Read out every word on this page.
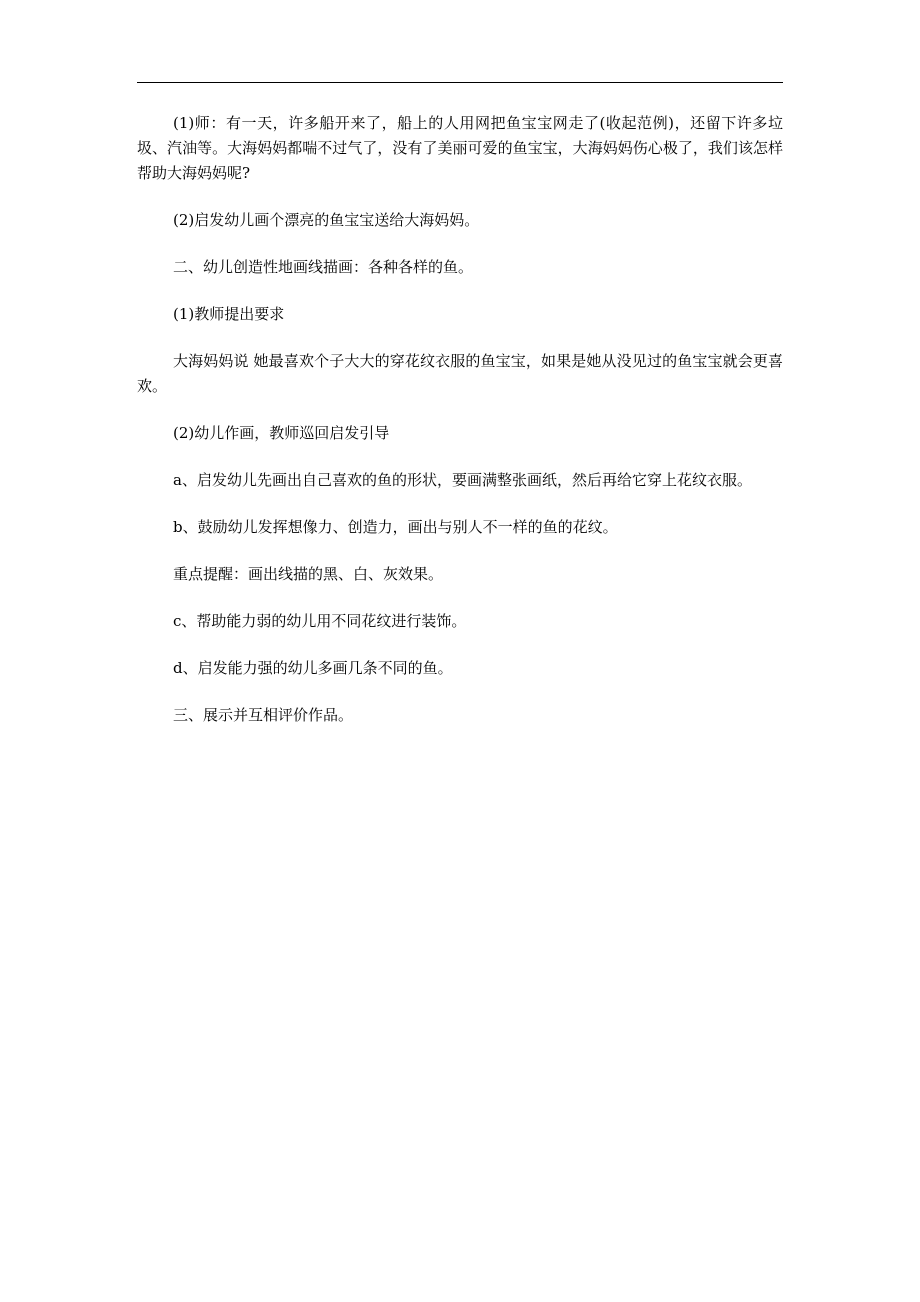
(1)师：有一天，许多船开来了，船上的人用网把鱼宝宝网走了(收起范例)，还留下许多垃圾、汽油等。大海妈妈都喘不过气了，没有了美丽可爱的鱼宝宝，大海妈妈伤心极了，我们该怎样帮助大海妈妈呢?

(2)启发幼儿画个漂亮的鱼宝宝送给大海妈妈。

二、幼儿创造性地画线描画：各种各样的鱼。

(1)教师提出要求

大海妈妈说 她最喜欢个子大大的穿花纹衣服的鱼宝宝，如果是她从没见过的鱼宝宝就会更喜欢。

(2)幼儿作画，教师巡回启发引导

a、启发幼儿先画出自己喜欢的鱼的形状，要画满整张画纸，然后再给它穿上花纹衣服。

b、鼓励幼儿发挥想像力、创造力，画出与别人不一样的鱼的花纹。

重点提醒：画出线描的黑、白、灰效果。

c、帮助能力弱的幼儿用不同花纹进行装饰。

d、启发能力强的幼儿多画几条不同的鱼。

三、展示并互相评价作品。
